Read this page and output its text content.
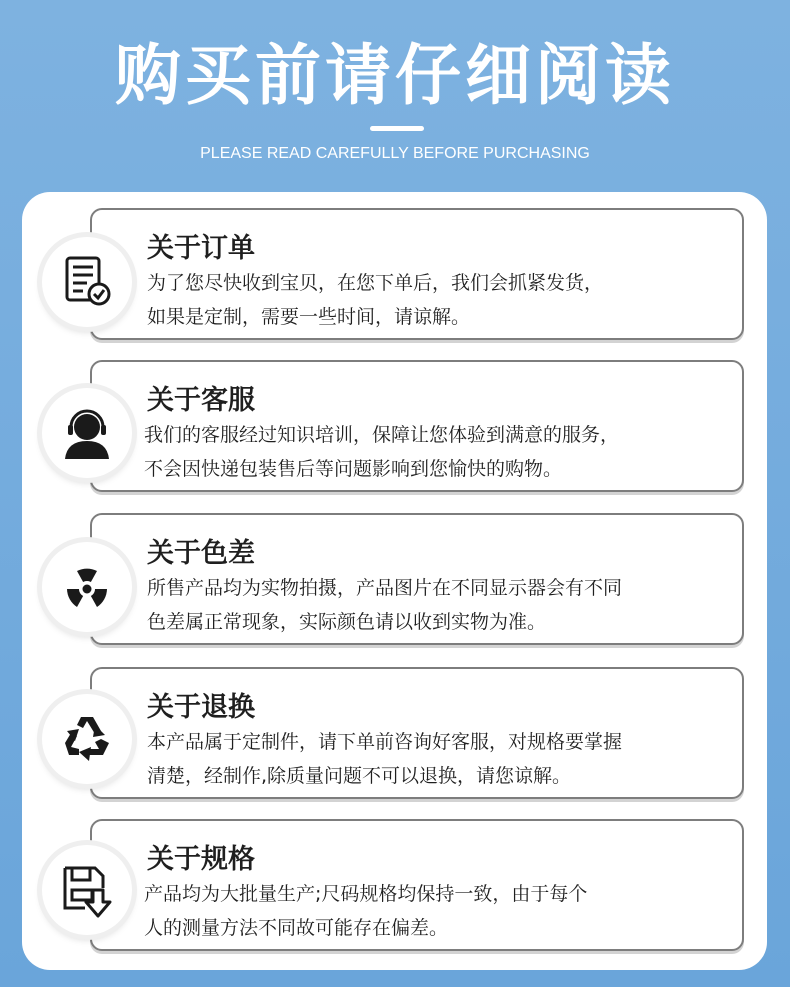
购买前请仔细阅读
PLEASE READ CAREFULLY BEFORE PURCHASING
关于订单
为了您尽快收到宝贝，在您下单后，我们会抓紧发货，
如果是定制，需要一些时间，请谅解。
关于客服
我们的客服经过知识培训，保障让您体验到满意的服务，
不会因快递包装售后等问题影响到您愉快的购物。
关于色差
所售产品均为实物拍摄，产品图片在不同显示器会有不同
色差属正常现象，实际颜色请以收到实物为准。
关于退换
本产品属于定制件，请下单前咨询好客服，对规格要掌握
清楚，经制作,除质量问题不可以退换，请您谅解。
关于规格
产品均为大批量生产;尺码规格均保持一致，由于每个
人的测量方法不同故可能存在偏差。
